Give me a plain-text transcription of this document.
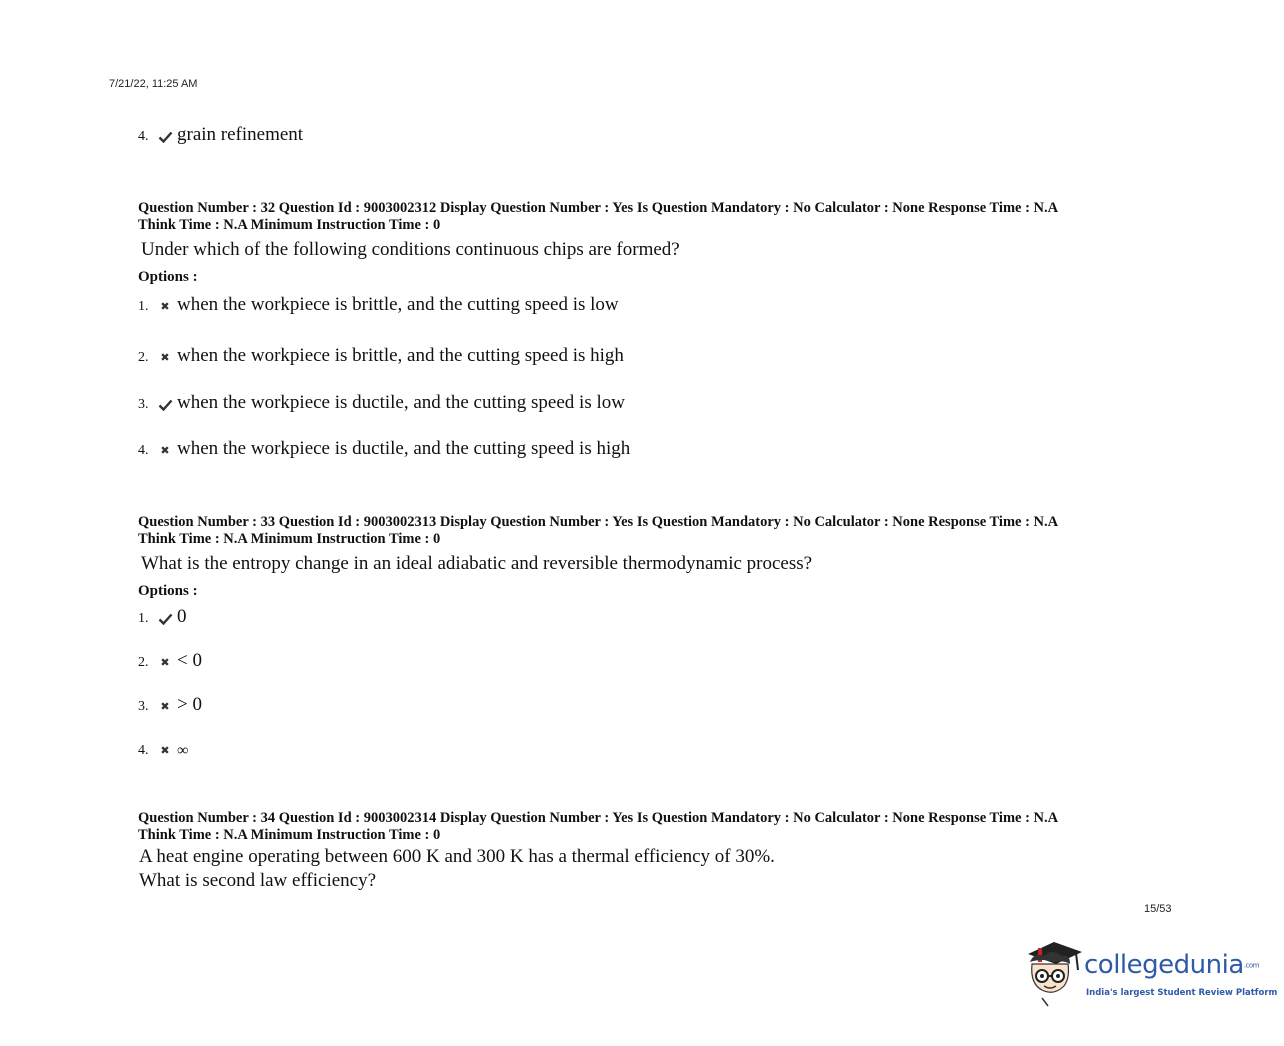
7/21/22, 11:25 AM
4.	grain refinement
Question Number : 32 Question Id : 9003002312 Display Question Number : Yes Is Question Mandatory : No Calculator : None Response Time : N.A
Think Time : N.A Minimum Instruction Time : 0
Under which of the following conditions continuous chips are formed?
Options :
1.	✖ when the workpiece is brittle, and the cutting speed is low
2.	✖ when the workpiece is brittle, and the cutting speed is high
3.	when the workpiece is ductile, and the cutting speed is low
4.	✖ when the workpiece is ductile, and the cutting speed is high
Question Number : 33 Question Id : 9003002313 Display Question Number : Yes Is Question Mandatory : No Calculator : None Response Time : N.A
Think Time : N.A Minimum Instruction Time : 0
What is the entropy change in an ideal adiabatic and reversible thermodynamic process?
Options :
1.	0
2.	✖ < 0
3.	✖ > 0
4.	✖ ∞
Question Number : 34 Question Id : 9003002314 Display Question Number : Yes Is Question Mandatory : No Calculator : None Response Time : N.A
Think Time : N.A Minimum Instruction Time : 0
A heat engine operating between 600 K and 300 K has a thermal efficiency of 30%.
What is second law efficiency?
15/53
collegedunia.com
India's largest Student Review Platform
